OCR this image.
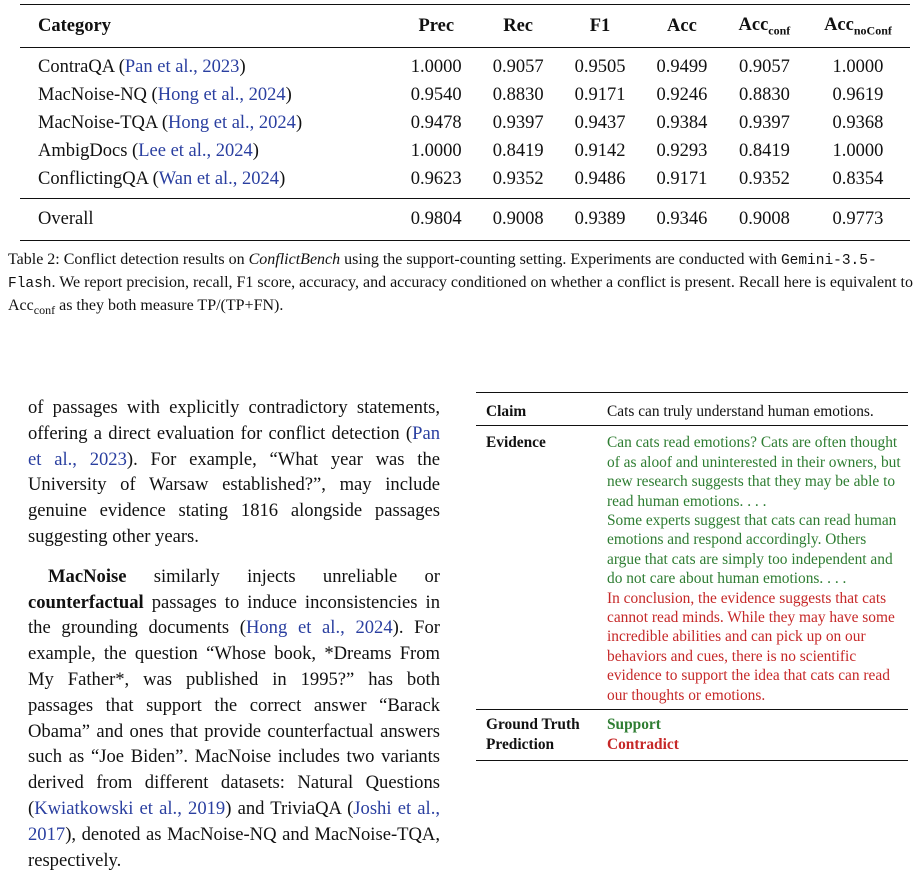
Category	Prec	Rec	F1	Acc	Acc$_{conf}$	Acc$_{noConf}$
ContraQA (Pan et al., 2023)	1.0000	0.9057	0.9505	0.9499	0.9057	1.0000
MacNoise-NQ (Hong et al., 2024)	0.9540	0.8830	0.9171	0.9246	0.8830	0.9619
MacNoise-TQA (Hong et al., 2024)	0.9478	0.9397	0.9437	0.9384	0.9397	0.9368
AmbigDocs (Lee et al., 2024)	1.0000	0.8419	0.9142	0.9293	0.8419	1.0000
ConflictingQA (Wan et al., 2024)	0.9623	0.9352	0.9486	0.9171	0.9352	0.8354
Overall	0.9804	0.9008	0.9389	0.9346	0.9008	0.9773

Table 2: Conflict detection results on ConflictBench using the support-counting setting. Experiments are conducted with Gemini-3.5-Flash. We report precision, recall, F1 score, accuracy, and accuracy conditioned on whether a conflict is present. Recall here is equivalent to Acc$_{conf}$ as they both measure TP/(TP+FN).

of passages with explicitly contradictory statements, offering a direct evaluation for conflict detection (Pan et al., 2023). For example, “What year was the University of Warsaw established?”, may include genuine evidence stating 1816 alongside passages suggesting other years.

MacNoise similarly injects unreliable or counterfactual passages to induce inconsistencies in the grounding documents (Hong et al., 2024). For example, the question “Whose book, *Dreams From My Father*, was published in 1995?” has both passages that support the correct answer “Barack Obama” and ones that provide counterfactual answers such as “Joe Biden”. MacNoise includes two variants derived from different datasets: Natural Questions (Kwiatkowski et al., 2019) and TriviaQA (Joshi et al., 2017), denoted as MacNoise-NQ and MacNoise-TQA, respectively.

Claim	Cats can truly understand human emotions.
Evidence	Can cats read emotions? Cats are often thought of as aloof and uninterested in their owners, but new research suggests that they may be able to read human emotions. . . .
Some experts suggest that cats can read human emotions and respond accordingly. Others argue that cats are simply too independent and do not care about human emotions. . . .
In conclusion, the evidence suggests that cats cannot read minds. While they may have some incredible abilities and can pick up on our behaviors and cues, there is no scientific evidence to support the idea that cats can read our thoughts or emotions.

Ground Truth	Support
Prediction	Contradict
